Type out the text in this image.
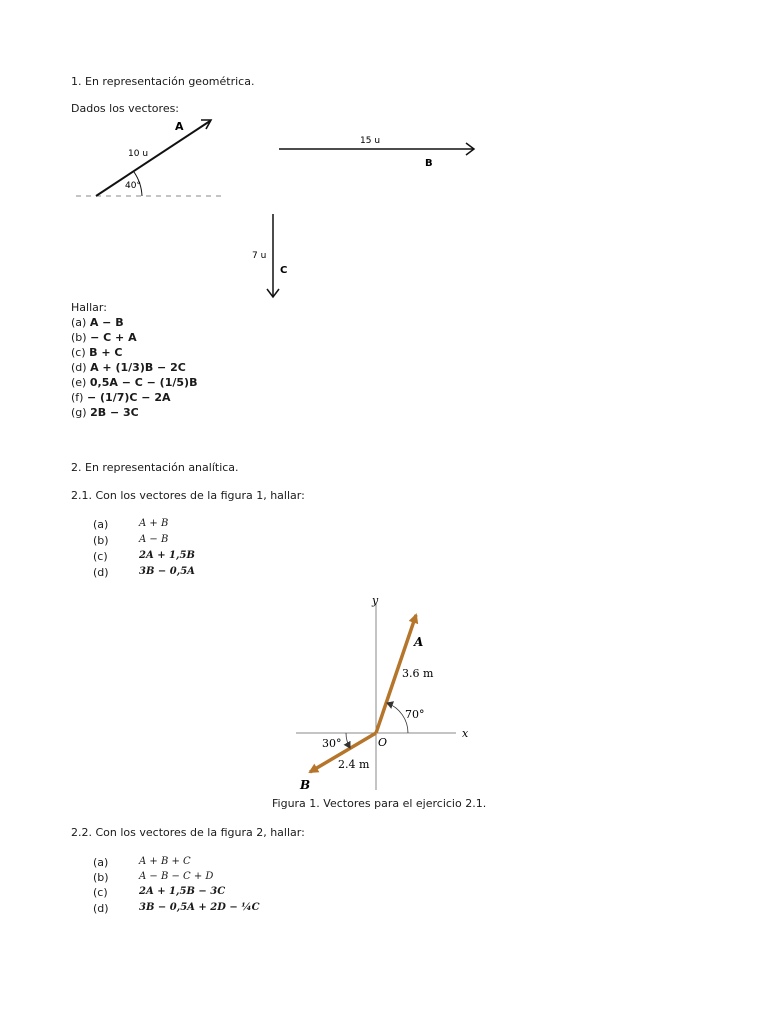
1. En representación geométrica.
Dados los vectores:
A
10 u
40°
15 u
B
7 u
C
Hallar:
(a) A − B
(b) − C + A
(c) B + C
(d) A + (1/3)B − 2C
(e) 0,5A − C − (1/5)B
(f) − (1/7)C − 2A
(g) 2B − 3C
2. En representación analítica.
2.1. Con los vectores de la figura 1, hallar:
(a)	A + B
(b)	A − B
(c)	2A + 1,5B
(d)	3B − 0,5A
y
x
O
A
3.6 m
70°
B
2.4 m
30°
Figura 1. Vectores para el ejercicio 2.1.
2.2. Con los vectores de la figura 2, hallar:
(a)	A + B + C
(b)	A − B − C + D
(c)	2A + 1,5B − 3C
(d)	3B − 0,5A + 2D − ¼C
